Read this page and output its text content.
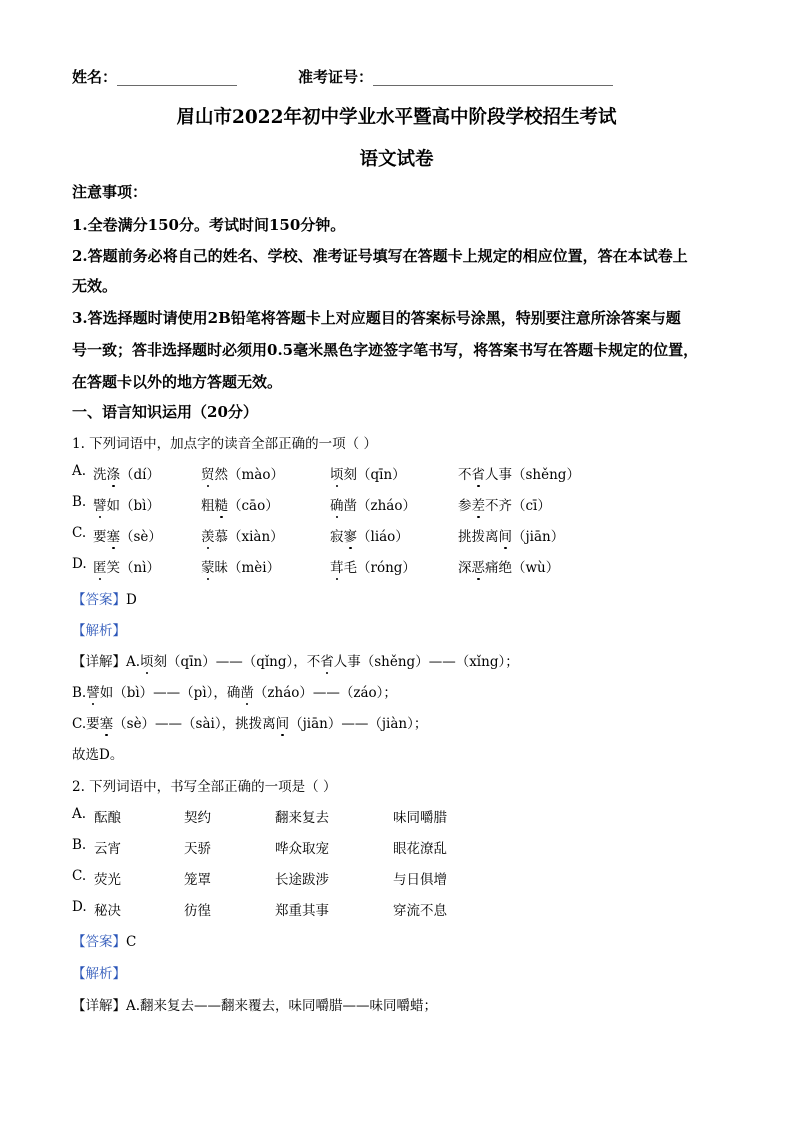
姓名：________________	准考证号：________________________________
眉山市2022年初中学业水平暨高中阶段学校招生考试
语文试卷
注意事项：
1.全卷满分150分。考试时间150分钟。
2.答题前务必将自己的姓名、学校、准考证号填写在答题卡上规定的相应位置，答在本试卷上
无效。
3.答选择题时请使用2B铅笔将答题卡上对应题目的答案标号涂黑，特别要注意所涂答案与题
号一致；答非选择题时必须用0.5毫米黑色字迹签字笔书写，将答案书写在答题卡规定的位置，
在答题卡以外的地方答题无效。
一、语言知识运用（20分）
1. 下列词语中，加点字的读音全部正确的一项（ ）
A. 洗涤（dí）	贸然（mào）	顷刻（qīn）	不省人事（shěng）
B. 譬如（bì）	粗糙（cāo）	确凿（zháo）	参差不齐（cī）
C. 要塞（sè）	羡慕（xiàn）	寂寥（liáo）	挑拨离间（jiān）
D. 匿笑（nì）	蒙昧（mèi）	茸毛（róng）	深恶痛绝（wù）
【答案】D
【解析】
【详解】A.顷刻（qīn）——（qǐng），不省人事（shěng）——（xǐng）；
B.譬如（bì）——（pì），确凿（zháo）——（záo）；
C.要塞（sè）——（sài），挑拨离间（jiān）——（jiàn）；
故选D。
2. 下列词语中，书写全部正确的一项是（ ）
A. 酝酿	契约	翻来复去	味同嚼腊
B. 云宵	天骄	哗众取宠	眼花潦乱
C. 荧光	笼罩	长途跋涉	与日俱增
D. 秘决	彷徨	郑重其事	穿流不息
【答案】C
【解析】
【详解】A.翻来复去——翻来覆去，味同嚼腊——味同嚼蜡；
